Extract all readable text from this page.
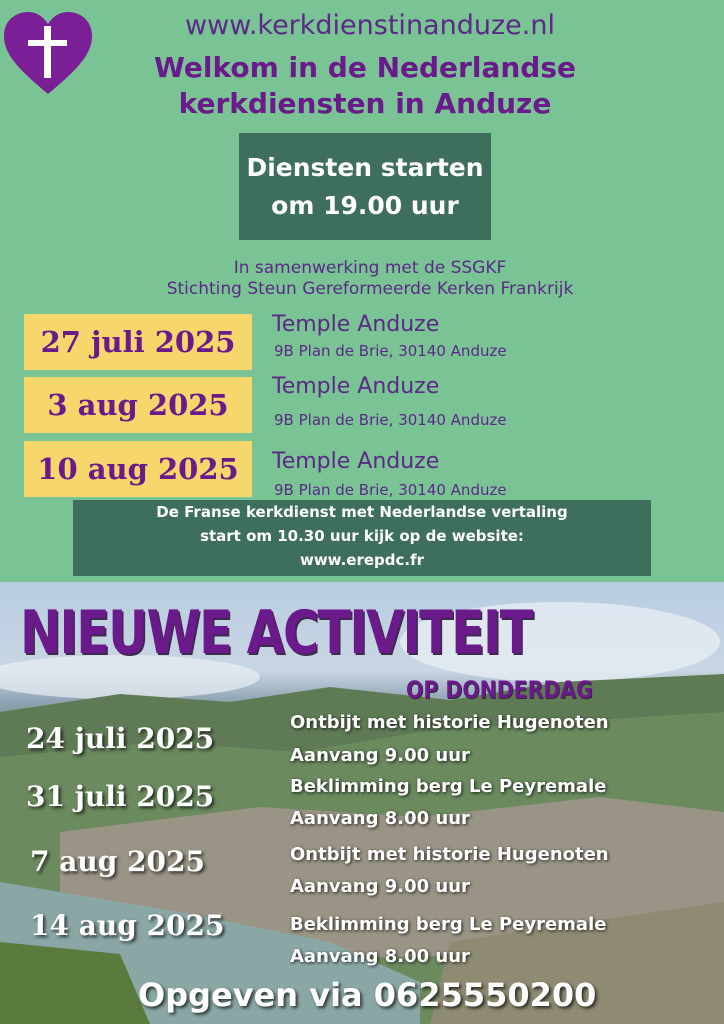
www.kerkdienstinanduze.nl
Welkom in de Nederlandse
kerkdiensten in Anduze
Diensten starten
om 19.00 uur
In samenwerking met de SSGKF
Stichting Steun Gereformeerde Kerken Frankrijk
27 juli 2025
Temple Anduze
9B Plan de Brie, 30140 Anduze
3 aug 2025
Temple Anduze
9B Plan de Brie, 30140 Anduze
10 aug 2025	Temple Anduze
9B Plan de Brie, 30140 Anduze
De Franse kerkdienst met Nederlandse vertaling
start om 10.30 uur kijk op de website:
www.erepdc.fr
NIEUWE ACTIVITEIT
OP DONDERDAG
24 juli 2025	Ontbijt met historie Hugenoten
Aanvang 9.00 uur
31 juli 2025	Beklimming berg Le Peyremale
Aanvang 8.00 uur
7 aug 2025	Ontbijt met historie Hugenoten
Aanvang 9.00 uur
14 aug 2025	Beklimming berg Le Peyremale
Aanvang 8.00 uur
Opgeven via 0625550200
